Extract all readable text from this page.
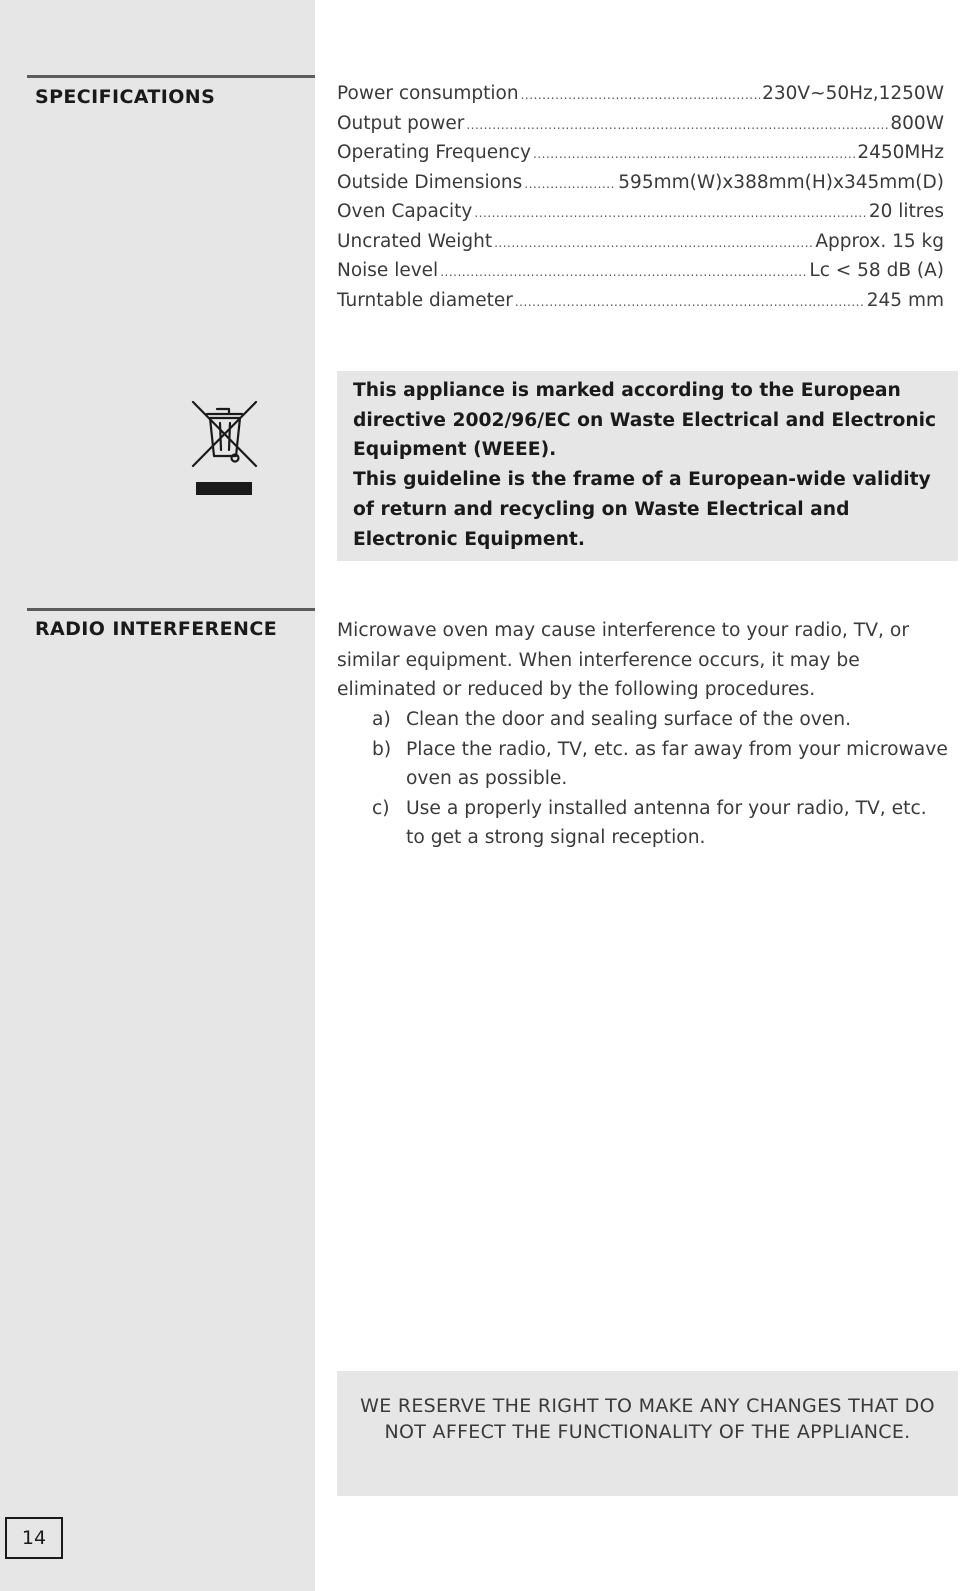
SPECIFICATIONS	Power consumption .....	230V~50Hz,1250W
Output power .....	800W
Operating Frequency .....	2450MHz
Outside Dimensions .....	595mm(W)x388mm(H)x345mm(D)
Oven Capacity .....	20 litres
Uncrated Weight .....	Approx. 15 kg
Noise level .....	Lc < 58 dB (A)
Turntable diameter .....	245 mm
This appliance is marked according to the European directive 2002/96/EC on Waste Electrical and Electronic Equipment (WEEE).
This guideline is the frame of a European-wide validity of return and recycling on Waste Electrical and Electronic Equipment.
RADIO INTERFERENCE	Microwave oven may cause interference to your radio, TV, or similar equipment. When interference occurs, it may be eliminated or reduced by the following procedures.

a) Clean the door and sealing surface of the oven.
b) Place the radio, TV, etc. as far away from your microwave oven as possible.
c) Use a properly installed antenna for your radio, TV, etc. to get a strong signal reception.

WE RESERVE THE RIGHT TO MAKE ANY CHANGES THAT DO NOT AFFECT THE FUNCTIONALITY OF THE APPLIANCE.

14
